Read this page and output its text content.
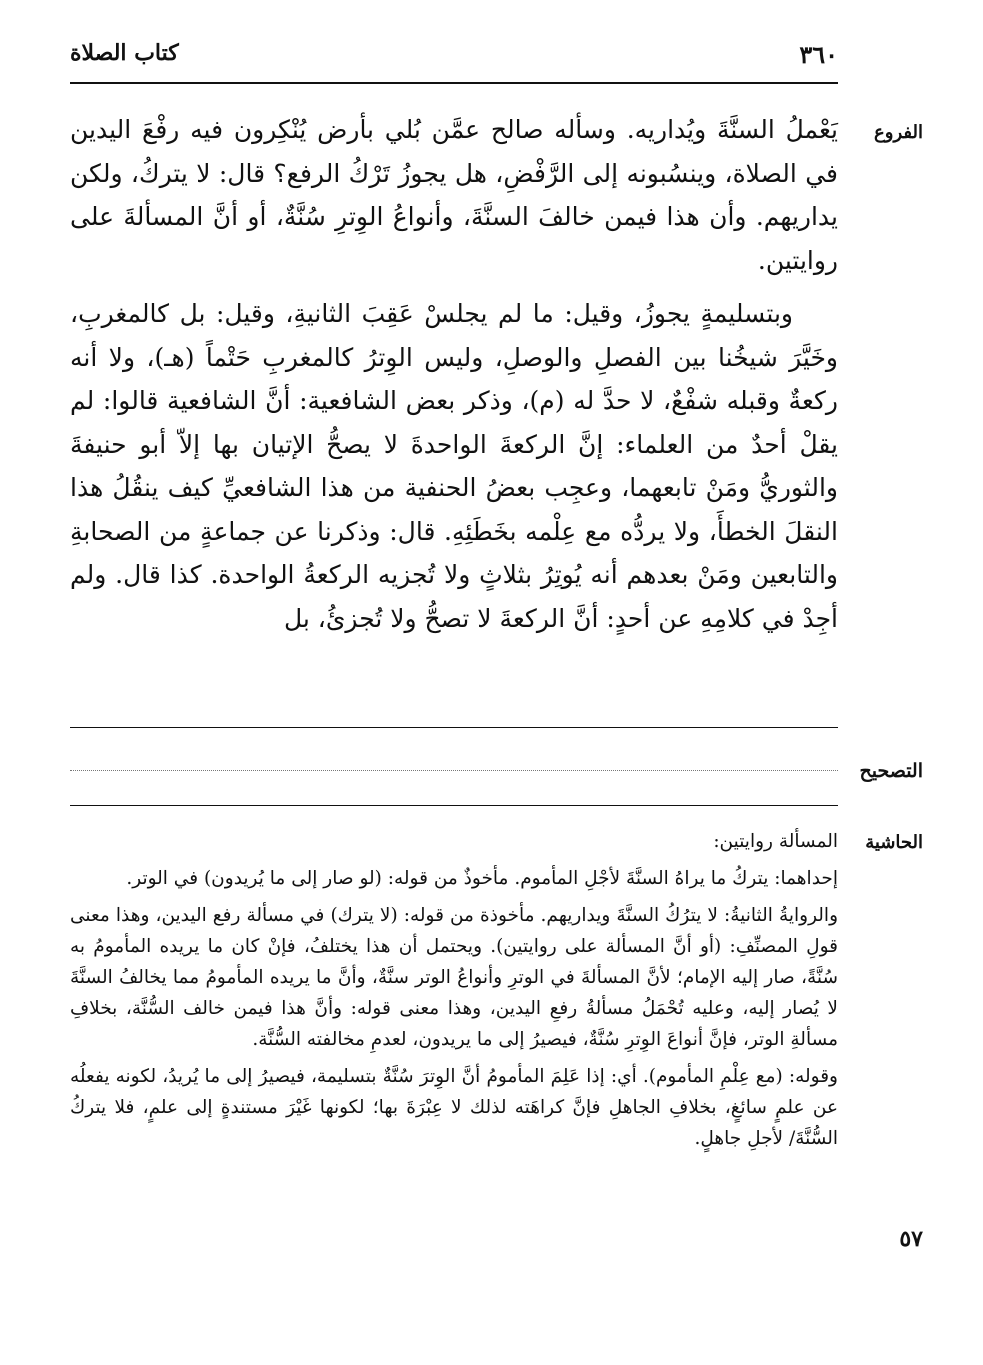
٣٦٠
كتاب الصلاة
الفروع

يَعْملُ السنَّةَ ويُداريه. وسأله صالح عمَّن بُلي بأرض يُنْكِرون فيه رفْعَ اليدين في الصلاة، وينسُبونه إلى الرَّفْضِ، هل يجوزُ تَرْكُ الرفع؟ قال: لا يتركُ، ولكن يداريهم. وأن هذا فيمن خالفَ السنَّةَ، وأنواعُ الوِترِ سُنَّةٌ، أو أنَّ المسألةَ على روايتين.

وبتسليمةٍ يجوزُ، وقيل: ما لم يجلسْ عَقِبَ الثانيةِ، وقيل: بل كالمغربِ، وخَيَّرَ شيخُنا بين الفصلِ والوصلِ، وليس الوِترُ كالمغربِ حَتْماً (هـ)، ولا أنه ركعةٌ وقبله شفْعٌ، لا حدَّ له (م)، وذكر بعض الشافعية: أنَّ الشافعية قالوا: لم يقلْ أحدٌ من العلماء: إنَّ الركعةَ الواحدةَ لا يصحُّ الإتيان بها إلاّ أبو حنيفةَ والثوريُّ ومَنْ تابعهما، وعجِب بعضُ الحنفية من هذا الشافعيِّ كيف ينقُلُ هذا النقلَ الخطأَ، ولا يردُّه مع عِلْمه بخَطَئِهِ. قال: وذكرنا عن جماعةٍ من الصحابةِ والتابعين ومَنْ بعدهم أنه يُوتِرُ بثلاثٍ ولا تُجزيه الركعةُ الواحدة. كذا قال. ولم أجِدْ في كلامِهِ عن أحدٍ: أنَّ الركعةَ لا تصحُّ ولا تُجزئُ، بل

التصحيح
الحاشية

المسألة روايتين:

إحداهما: يتركُ ما يراهُ السنَّةَ لأجْلِ المأموم. مأخوذٌ من قوله: (لو صار إلى ما يُريدون) في الوتر.

والروايةُ الثانيةُ: لا يترُكُ السنَّةَ ويداريهم. مأخوذة من قوله: (لا يترك) في مسألة رفع اليدين، وهذا معنى قولِ المصنِّفِ: (أو أنَّ المسألة على روايتين). ويحتمل أن هذا يختلفُ، فإنْ كان ما يريده المأمومُ به سُنَّةً، صار إليه الإمام؛ لأنَّ المسألةَ في الوترِ وأنواعُ الوتر سنَّةٌ، وأنَّ ما يريده المأمومُ مما يخالفُ السنَّةَ لا يُصار إليه، وعليه تُحْمَلُ مسألةُ رفعِ اليدين، وهذا معنى قوله: وأنَّ هذا فيمن خالف السُّنَّة، بخلافِ مسألةِ الوتر، فإنَّ أنواعَ الوِترِ سُنَّةٌ، فيصيرُ إلى ما يريدون، لعدمِ مخالفته السُّنَّة.

وقوله: (مع عِلْمِ المأموم). أي: إذا عَلِمَ المأمومُ أنَّ الوِترَ سُنَّةٌ بتسليمة، فيصيرُ إلى ما يُريدُ، لكونه يفعلُه عن علمٍ سائغٍ، بخلافِ الجاهلِ فإنَّ كراهَته لذلك لا عِبْرَةَ بها؛ لكونها غَيْرَ مستندةٍ إلى علمٍ، فلا يتركُ السُّنَّةَ/ لأجلِ جاهلٍ.

٥٧
